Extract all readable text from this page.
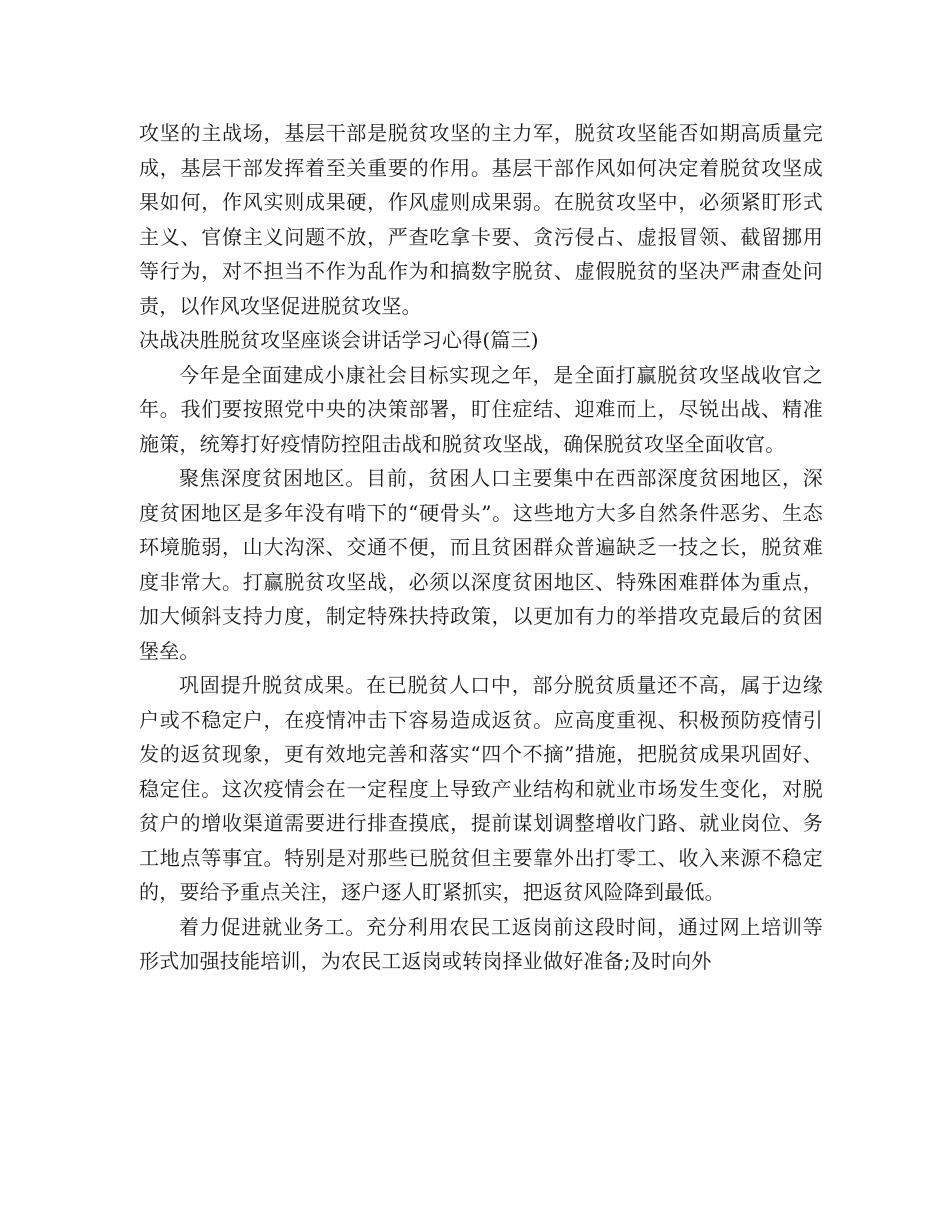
攻坚的主战场，基层干部是脱贫攻坚的主力军，脱贫攻坚能否如期高质量完成，基层干部发挥着至关重要的作用。基层干部作风如何决定着脱贫攻坚成果如何，作风实则成果硬，作风虚则成果弱。在脱贫攻坚中，必须紧盯形式主义、官僚主义问题不放，严查吃拿卡要、贪污侵占、虚报冒领、截留挪用等行为，对不担当不作为乱作为和搞数字脱贫、虚假脱贫的坚决严肃查处问责，以作风攻坚促进脱贫攻坚。

决战决胜脱贫攻坚座谈会讲话学习心得(篇三)

今年是全面建成小康社会目标实现之年，是全面打赢脱贫攻坚战收官之年。我们要按照党中央的决策部署，盯住症结、迎难而上，尽锐出战、精准施策，统筹打好疫情防控阻击战和脱贫攻坚战，确保脱贫攻坚全面收官。

聚焦深度贫困地区。目前，贫困人口主要集中在西部深度贫困地区，深度贫困地区是多年没有啃下的“硬骨头”。这些地方大多自然条件恶劣、生态环境脆弱，山大沟深、交通不便，而且贫困群众普遍缺乏一技之长，脱贫难度非常大。打赢脱贫攻坚战，必须以深度贫困地区、特殊困难群体为重点，加大倾斜支持力度，制定特殊扶持政策，以更加有力的举措攻克最后的贫困堡垒。

巩固提升脱贫成果。在已脱贫人口中，部分脱贫质量还不高，属于边缘户或不稳定户，在疫情冲击下容易造成返贫。应高度重视、积极预防疫情引发的返贫现象，更有效地完善和落实“四个不摘”措施，把脱贫成果巩固好、稳定住。这次疫情会在一定程度上导致产业结构和就业市场发生变化，对脱贫户的增收渠道需要进行排查摸底，提前谋划调整增收门路、就业岗位、务工地点等事宜。特别是对那些已脱贫但主要靠外出打零工、收入来源不稳定的，要给予重点关注，逐户逐人盯紧抓实，把返贫风险降到最低。

着力促进就业务工。充分利用农民工返岗前这段时间，通过网上培训等形式加强技能培训，为农民工返岗或转岗择业做好准备;及时向外
